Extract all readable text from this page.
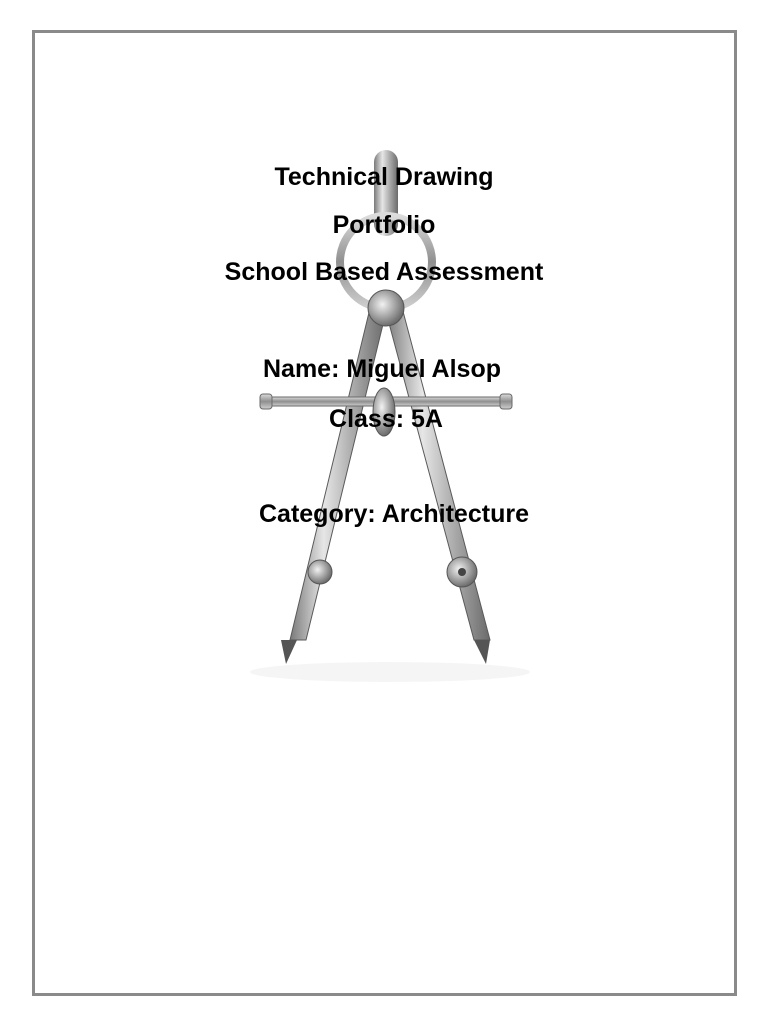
Technical Drawing
Portfolio
School Based Assessment
Name: Miguel Alsop
Class: 5A
Category: Architecture
